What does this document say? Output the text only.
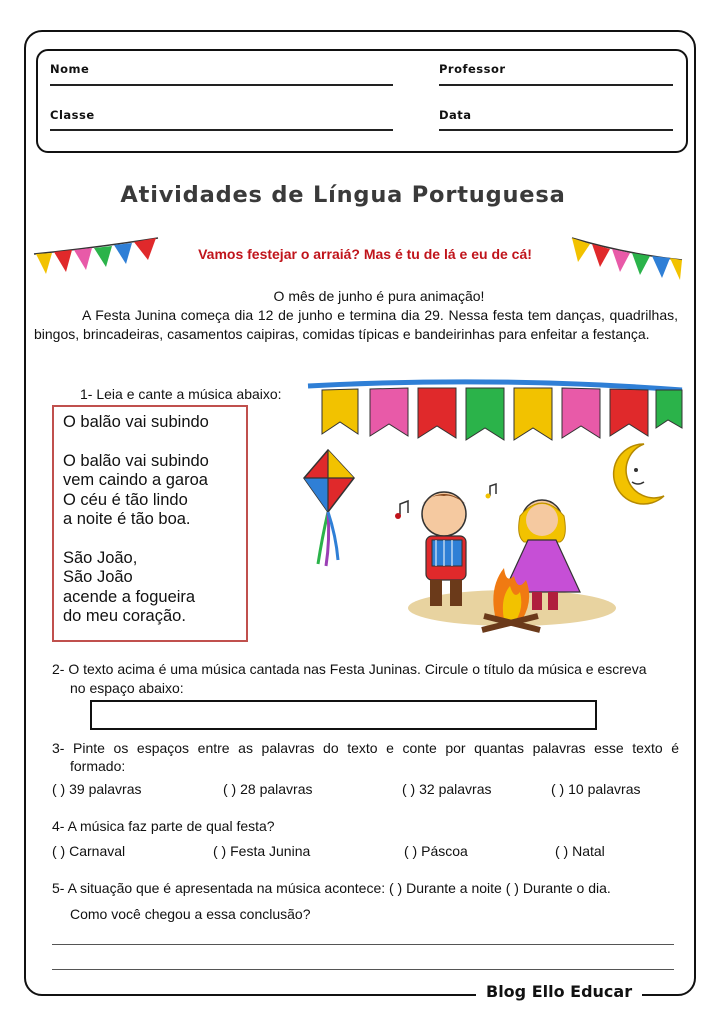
Nome	Professor
Classe	Data
Atividades de Língua Portuguesa
Vamos festejar o arraiá? Mas é tu de lá e eu de cá!
O mês de junho é pura animação!
A Festa Junina começa dia 12 de junho e termina dia 29. Nessa festa tem danças, quadrilhas, bingos, brincadeiras, casamentos caipiras, comidas típicas e bandeirinhas para enfeitar a festança.
1- Leia e cante a música abaixo:
O balão vai subindo
O balão vai subindo
vem caindo a garoa
O céu é tão lindo
a noite é tão boa.
São João,
São João
acende a fogueira
do meu coração.
2- O texto acima é uma música cantada nas Festa Juninas. Circule o título da música e escreva
no espaço abaixo:
3- Pinte os espaços entre as palavras do texto e conte por quantas palavras esse texto é
formado:
( ) 39 palavras	( ) 28 palavras	( ) 32 palavras	( ) 10 palavras
4- A música faz parte de qual festa?
( ) Carnaval	( ) Festa Junina	( ) Páscoa	( ) Natal
5- A situação que é apresentada na música acontece: ( ) Durante a noite ( ) Durante o dia.
Como você chegou a essa conclusão?
Blog Ello Educar
